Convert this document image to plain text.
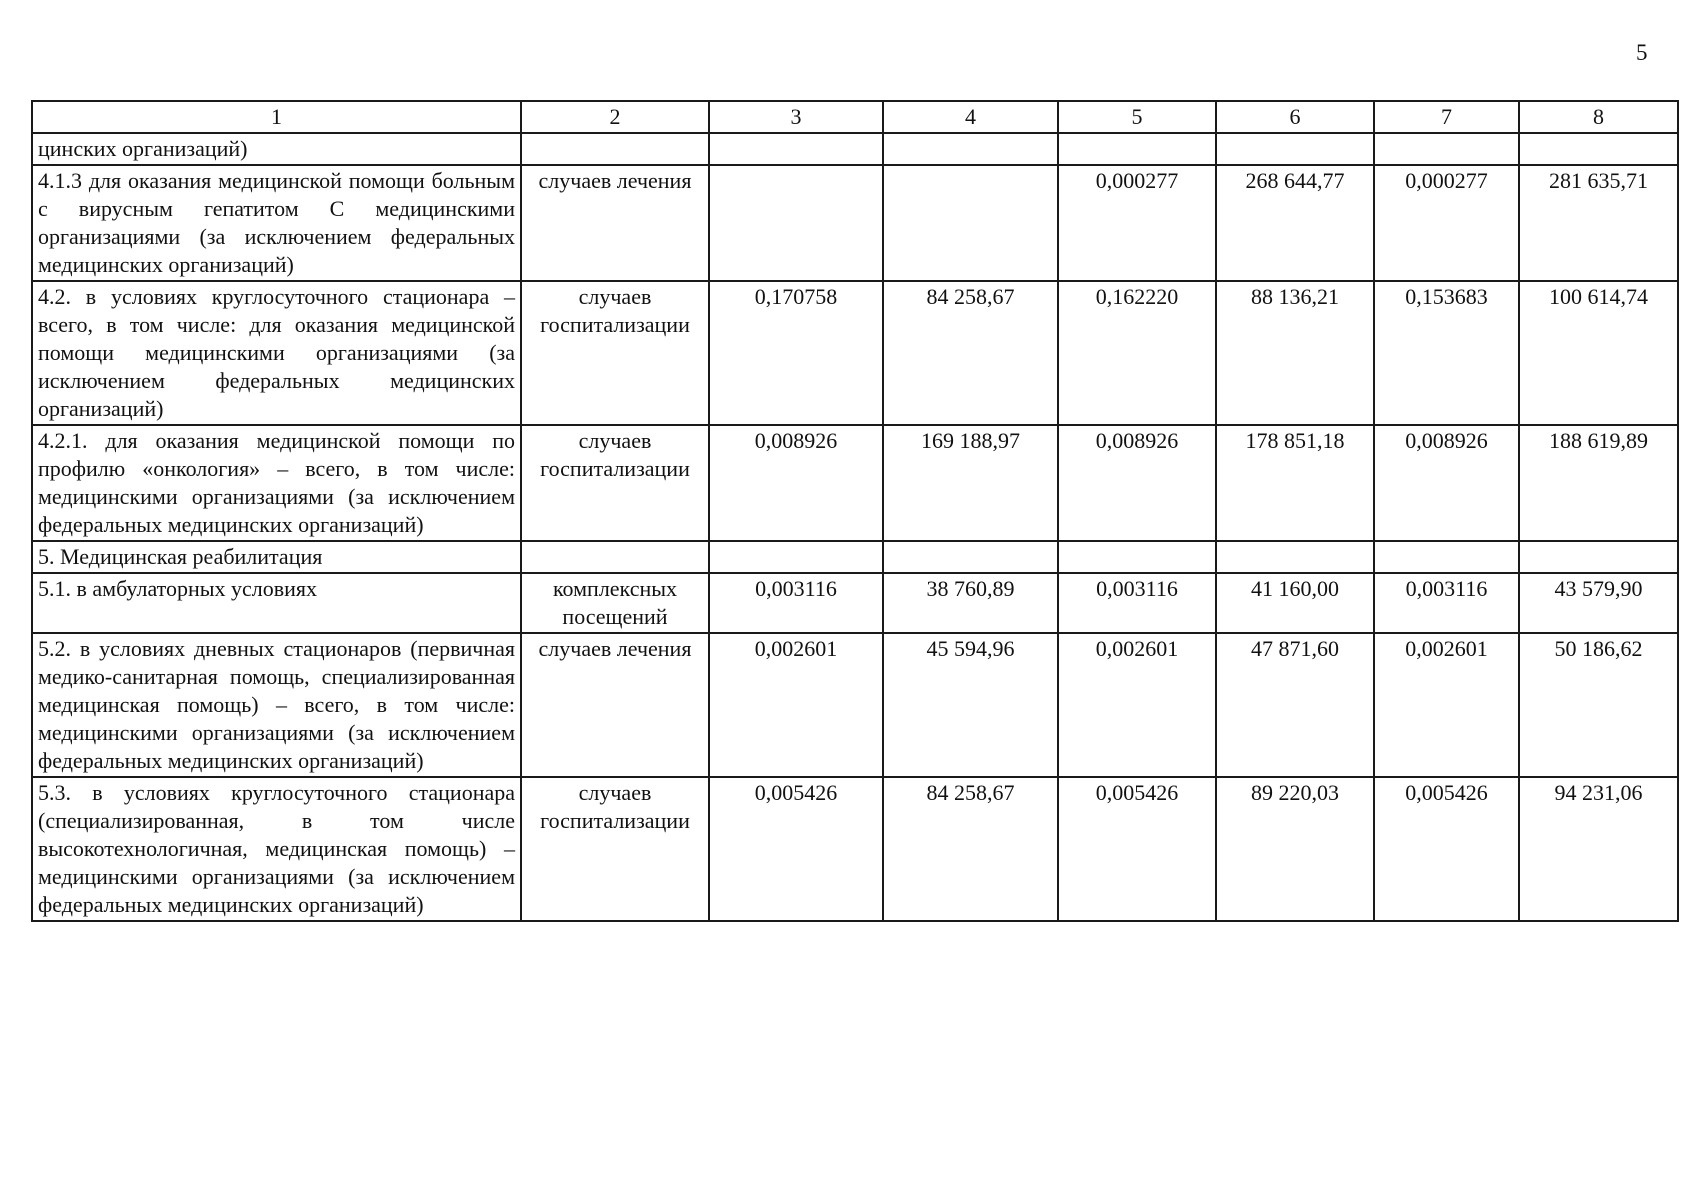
5
1	2	3	4	5	6	7	8
цинских организаций)							
4.1.3 для оказания медицинской помощи больным с вирусным гепатитом С медицинскими организациями (за исключением федеральных медицинских организаций)	случаев лечения			0,000277	268 644,77	0,000277	281 635,71
4.2. в условиях круглосуточного стационара – всего, в том числе: для оказания медицинской помощи медицинскими организациями (за исключением федеральных медицинских организаций)	случаев госпитализации	0,170758	84 258,67	0,162220	88 136,21	0,153683	100 614,74
4.2.1. для оказания медицинской помощи по профилю «онкология» – всего, в том числе: медицинскими организациями (за исключением федеральных медицинских организаций)	случаев госпитализации	0,008926	169 188,97	0,008926	178 851,18	0,008926	188 619,89
5. Медицинская реабилитация							
5.1. в амбулаторных условиях	комплексных посещений	0,003116	38 760,89	0,003116	41 160,00	0,003116	43 579,90
5.2. в условиях дневных стационаров (первичная медико-санитарная помощь, специализированная медицинская помощь) – всего, в том числе: медицинскими организациями (за исключением федеральных медицинских организаций)	случаев лечения	0,002601	45 594,96	0,002601	47 871,60	0,002601	50 186,62
5.3. в условиях круглосуточного стационара (специализированная, в том числе высокотехнологичная, медицинская помощь) – медицинскими организациями (за исключением федеральных медицинских организаций)	случаев госпитализации	0,005426	84 258,67	0,005426	89 220,03	0,005426	94 231,06
